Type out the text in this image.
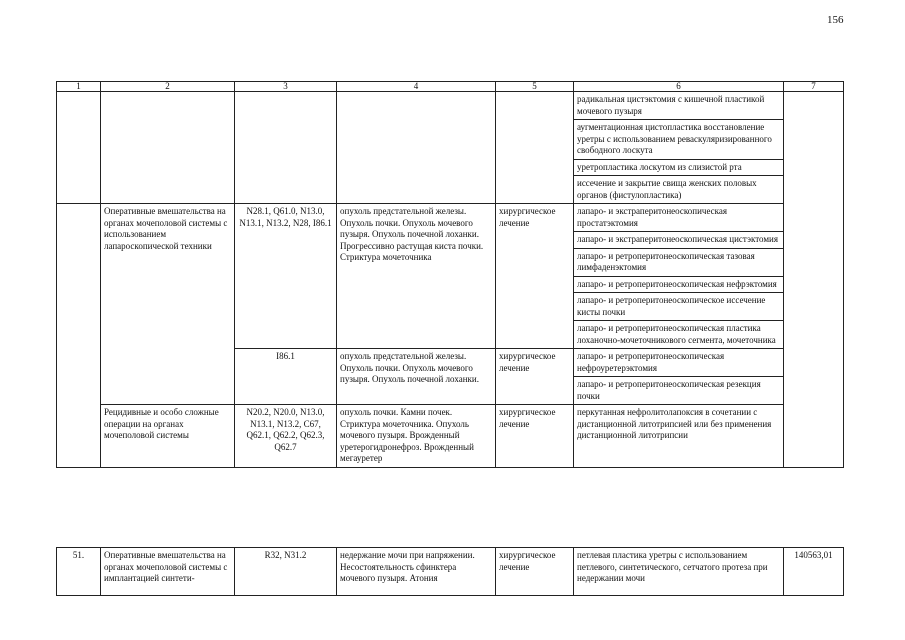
156
1	2	3	4	5	6	7
					радикальная цистэктомия с кишечной пластикой мочевого пузыря	
					аугментационная цистопластика восстановление уретры с использованием реваскуляризированного свободного лоскута	
					уретропластика лоскутом из слизистой рта	
					иссечение и закрытие свища женских половых органов (фистулопластика)	
	Оперативные вмешательства на органах мочеполовой системы с использованием лапароскопической техники	N28.1, Q61.0, N13.0, N13.1, N13.2, N28, I86.1	опухоль предстательной железы. Опухоль почки. Опухоль мочевого пузыря. Опухоль почечной лоханки. Прогрессивно растущая киста почки. Стриктура мочеточника	хирургическое лечение	лапаро- и экстраперитонеоскопическая простатэктомия	
					лапаро- и экстраперитонеоскопическая цистэктомия	
					лапаро- и ретроперитонеоскопическая тазовая лимфаденэктомия	
					лапаро- и ретроперитонеоскопическая нефрэктомия	
					лапаро- и ретроперитонеоскопическое иссечение кисты почки	
					лапаро- и ретроперитонеоскопическая пластика лоханочно-мочеточникового сегмента, мочеточника	
		I86.1	опухоль предстательной железы. Опухоль почки. Опухоль мочевого пузыря. Опухоль почечной лоханки.	хирургическое лечение	лапаро- и ретроперитонеоскопическая нефроуретерэктомия	
					лапаро- и ретроперитонеоскопическая резекция почки	
	Рецидивные и особо сложные операции на органах мочеполовой системы	N20.2, N20.0, N13.0, N13.1, N13.2, C67, Q62.1, Q62.2, Q62.3, Q62.7	опухоль почки. Камни почек. Стриктура мочеточника. Опухоль мочевого пузыря. Врожденный уретерогидронефроз. Врожденный мегауретер	хирургическое лечение	перкутанная нефролитолапоксия в сочетании с дистанционной литотрипсией или без применения дистанционной литотрипсии	
51.	Оперативные вмешательства на органах мочеполовой системы с имплантацией синтети-	R32, N31.2	недержание мочи при напряжении. Несостоятельность сфинктера мочевого пузыря. Атония	хирургическое лечение	петлевая пластика уретры с использованием петлевого, синтетического, сетчатого протеза при недержании мочи	140563,01
